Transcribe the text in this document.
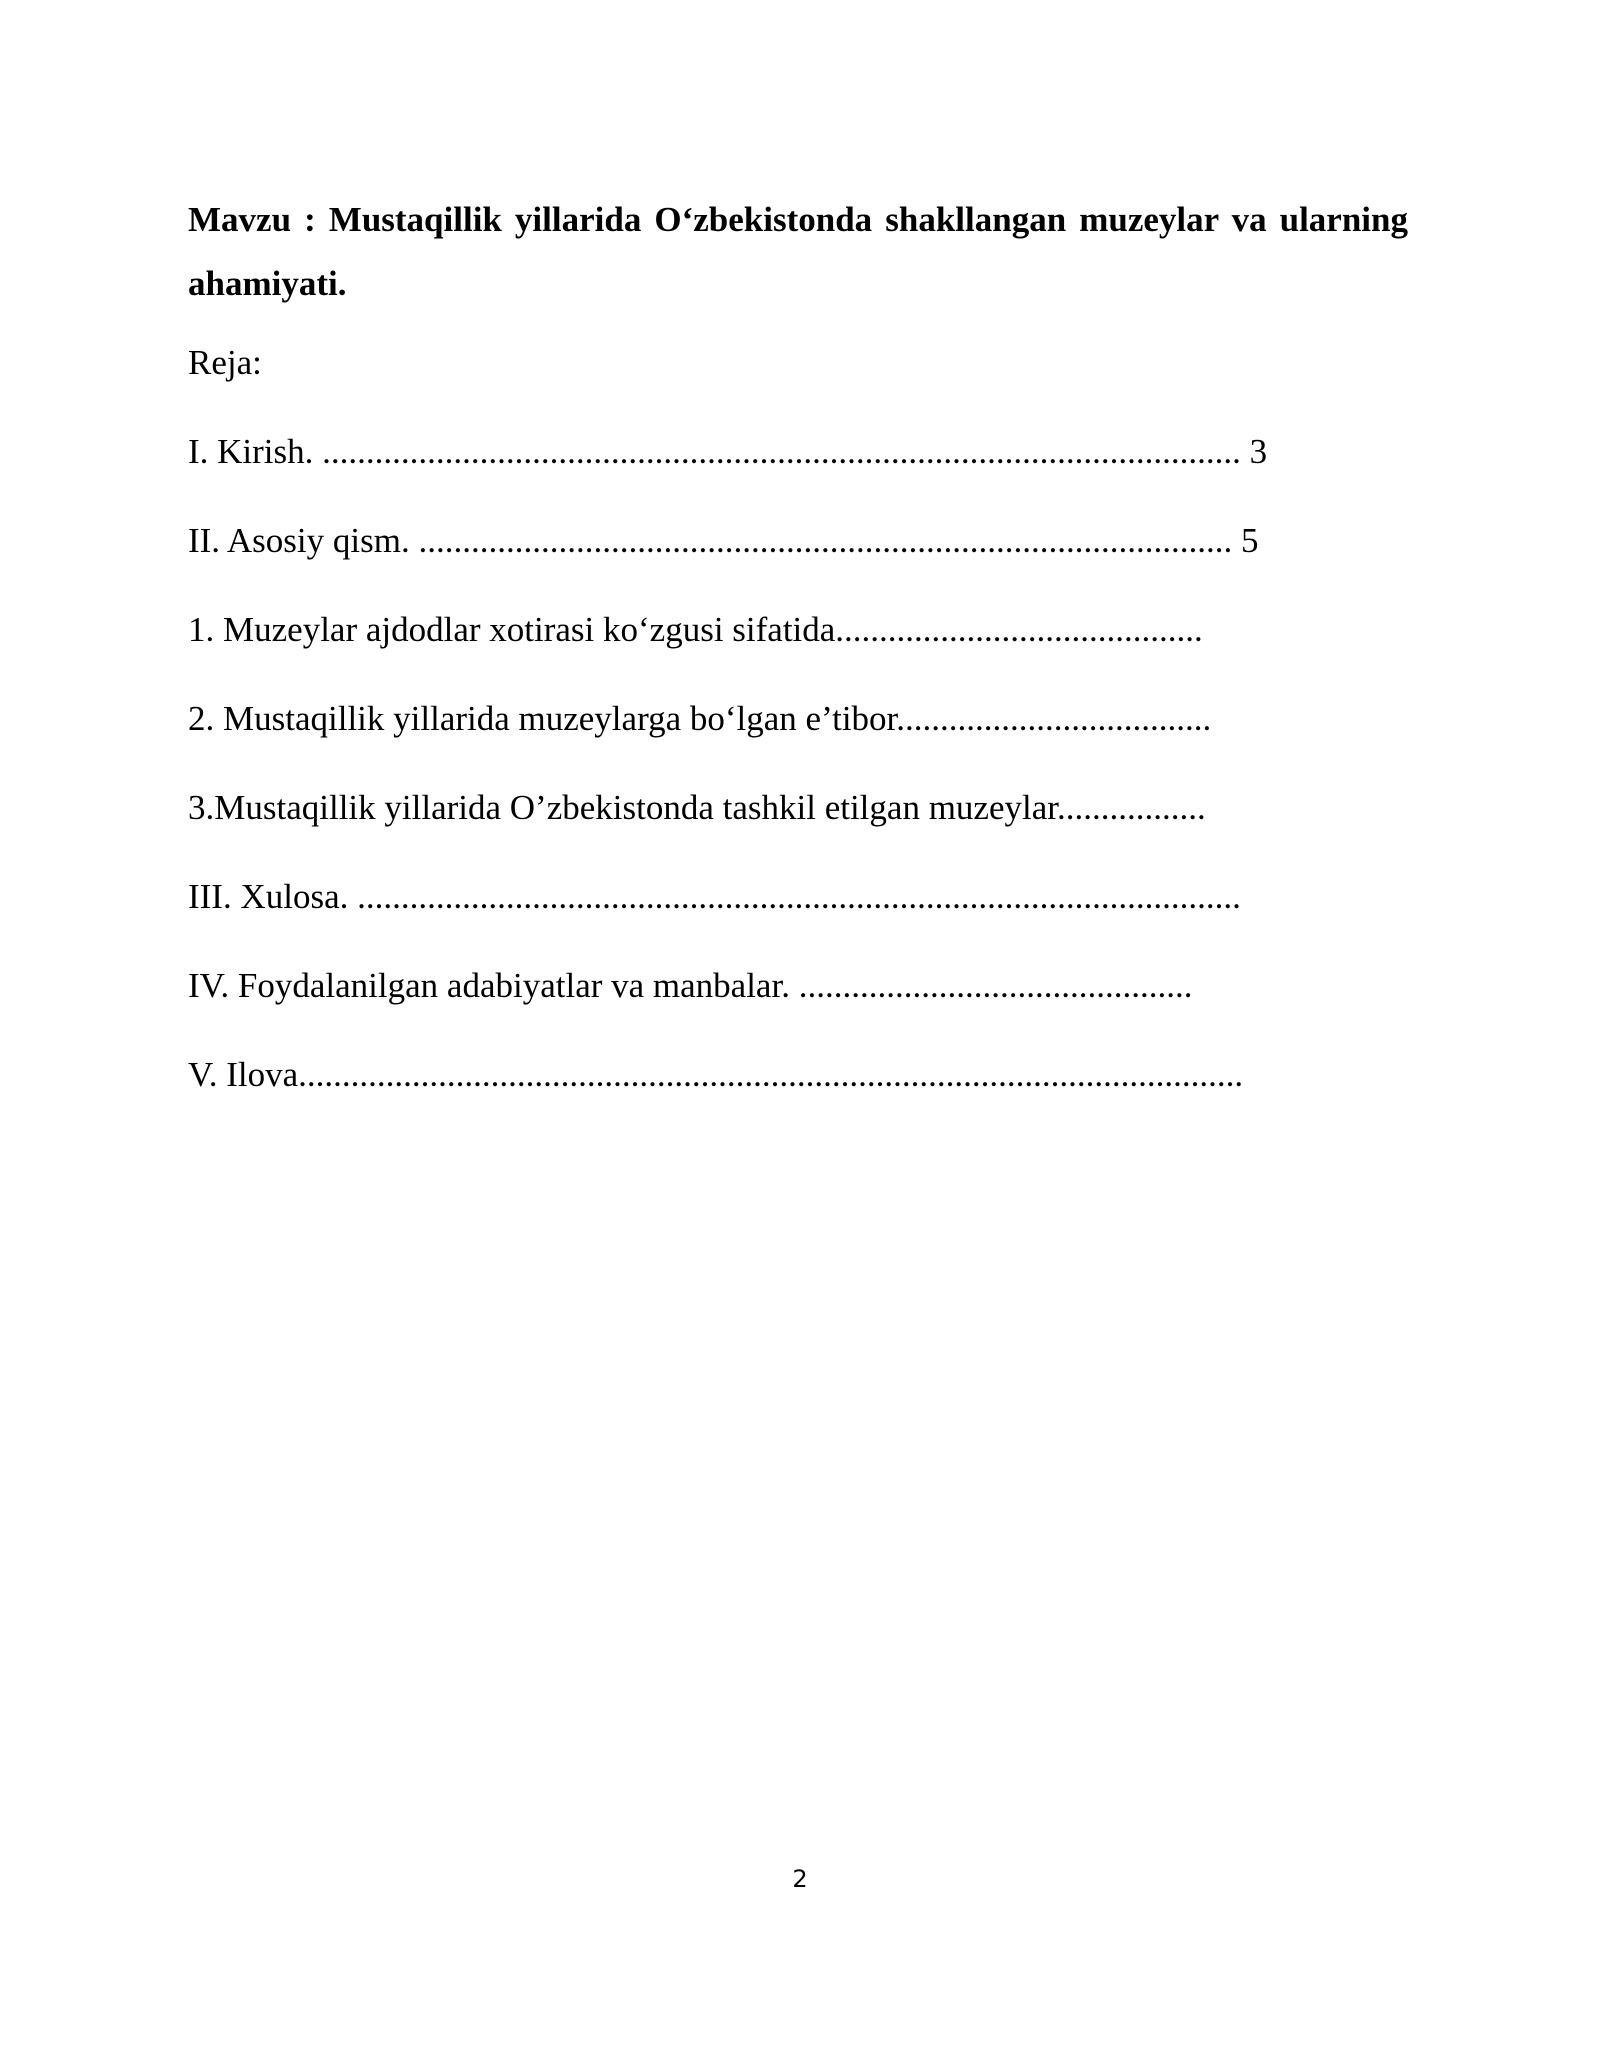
Mavzu : Mustaqillik yillarida O‘zbekistonda shakllangan muzeylar va ularning ahamiyati.

Reja:

I. Kirish. ......................................................................................................... 3

II. Asosiy qism. ............................................................................................. 5

1. Muzeylar ajdodlar xotirasi ko‘zgusi sifatida..........................................

2. Mustaqillik yillarida muzeylarga bo‘lgan e’tibor....................................

3.Mustaqillik yillarida O’zbekistonda tashkil etilgan muzeylar.................

III. Xulosa. .....................................................................................................

IV. Foydalanilgan adabiyatlar va manbalar. .............................................

V. Ilova............................................................................................................

2
